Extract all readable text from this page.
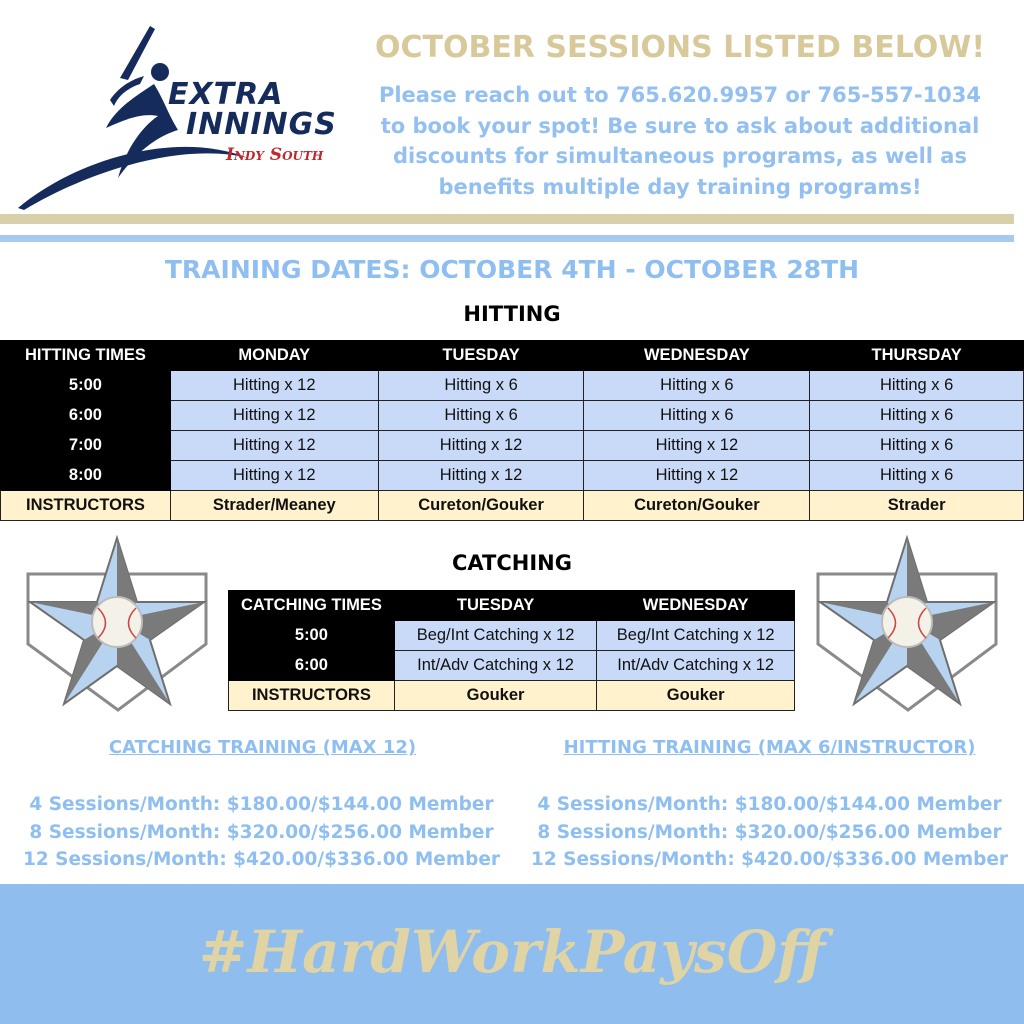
EXTRA
INNINGS
Indy South
OCTOBER SESSIONS LISTED BELOW!
Please reach out to 765.620.9957 or 765-557-1034
to book your spot! Be sure to ask about additional
discounts for simultaneous programs, as well as
benefits multiple day training programs!
TRAINING DATES: OCTOBER 4TH - OCTOBER 28TH
HITTING
HITTING TIMES	MONDAY	TUESDAY	WEDNESDAY	THURSDAY
5:00	Hitting x 12	Hitting x 6	Hitting x 6	Hitting x 6
6:00	Hitting x 12	Hitting x 6	Hitting x 6	Hitting x 6
7:00	Hitting x 12	Hitting x 12	Hitting x 12	Hitting x 6
8:00	Hitting x 12	Hitting x 12	Hitting x 12	Hitting x 6
INSTRUCTORS	Strader/Meaney	Cureton/Gouker	Cureton/Gouker	Strader
CATCHING
CATCHING TIMES	TUESDAY	WEDNESDAY
5:00	Beg/Int Catching x 12	Beg/Int Catching x 12
6:00	Int/Adv Catching x 12	Int/Adv Catching x 12
INSTRUCTORS	Gouker	Gouker
CATCHING TRAINING (MAX 12)	HITTING TRAINING (MAX 6/INSTRUCTOR)
4 Sessions/Month: $180.00/$144.00 Member
8 Sessions/Month: $320.00/$256.00 Member
12 Sessions/Month: $420.00/$336.00 Member
4 Sessions/Month: $180.00/$144.00 Member
8 Sessions/Month: $320.00/$256.00 Member
12 Sessions/Month: $420.00/$336.00 Member
#HardWorkPaysOff
